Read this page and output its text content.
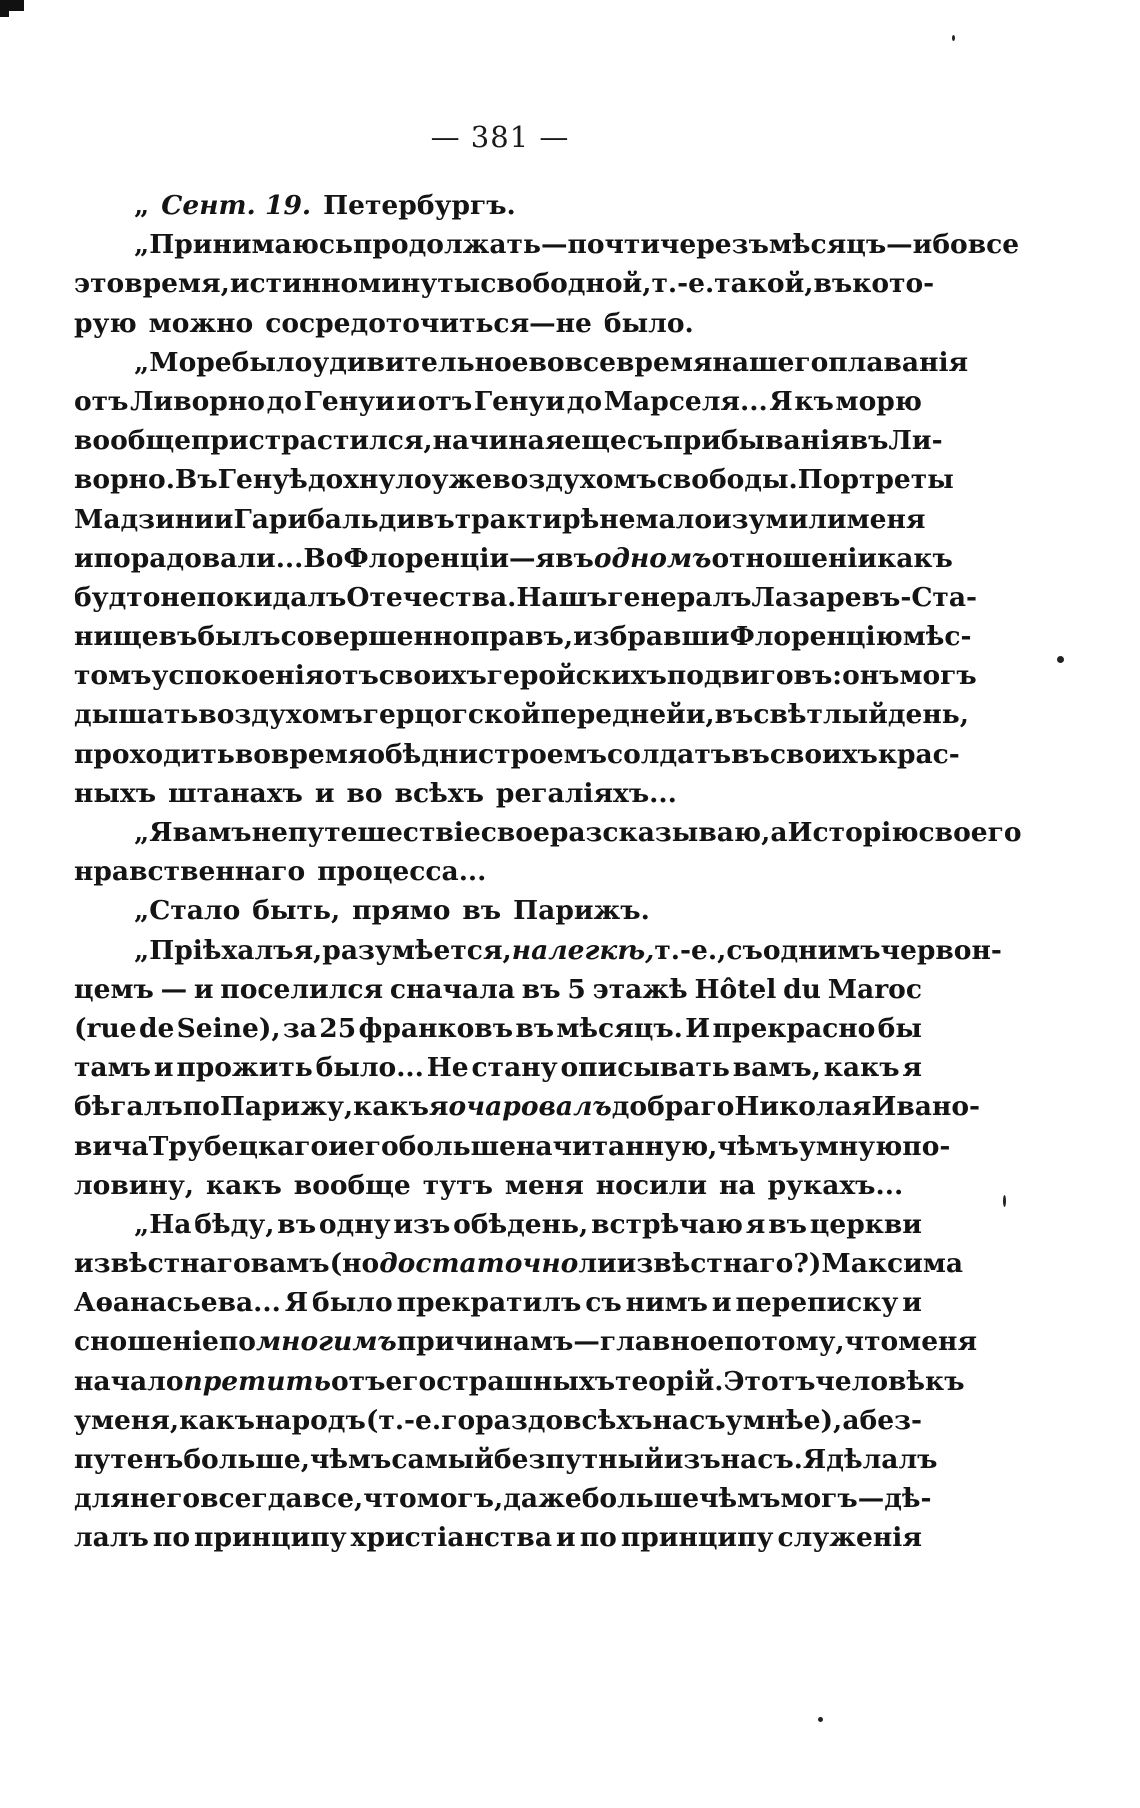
— 381 —
„ Сент. 19. Петербургъ.
„Принимаюсь продолжать —почти черезъ мѣсяцъ—ибо все
это время, истинно минуты свободной, т.-е. такой, въ кото-
рую можно сосредоточиться—не было.
„Море было удивительное во все время нашего плаванія
отъ Ливорно до Генуи и отъ Генуи до Марселя... Я къ морю
вообще пристрастился, начиная еще съ прибыванія въ Ли-
ворно. Въ Генуѣ дохнуло уже воздухомъ свободы. Портреты
Мадзини и Гарибальди въ трактирѣ не мало изумили меня
и порадовали... Во Флоренціи—я въ одномъ отношеніи какъ
будто не покидалъ Отечества. Нашъ генералъ Лазаревъ-Ста-
нищевъ былъ совершенно правъ, избравши Флоренцію мѣс-
томъ успокоенія отъ своихъ геройскихъ подвиговъ: онъ могъ
дышать воздухомъ герцогской передней и, въ свѣтлый день,
проходить во время обѣдни строемъ солдатъ въ своихъ крас-
ныхъ штанахъ и во всѣхъ регаліяхъ...
„Я вамъ не путешествіе свое разсказываю, а Исторію своего
нравственнаго процесса...
„Стало быть, прямо въ Парижъ.
„Пріѣхалъ я, разумѣется, налегкѣ, т.-е., съ однимъ червон-
цемъ — и поселился сначала въ 5 этажѣ Hôtel du Maroc
(rue de Seine), за 25 франковъ въ мѣсяцъ. И прекрасно бы
тамъ и прожить было... Не стану описывать вамъ, какъ я
бѣгалъ по Парижу, какъ я очаровалъ добраго Николая Ивано-
вича Трубецкаго и его больше начитанную, чѣмъ умную по-
ловину, какъ вообще тутъ меня носили на рукахъ...
„На бѣду, въ одну изъ обѣдень, встрѣчаю я въ церкви
извѣстнаго вамъ (но достаточно ли извѣстнаго?) Максима
Аѳанасьева... Я было прекратилъ съ нимъ и переписку и
сношеніе по многимъ причинамъ—главное потому, что меня
начало претить отъ его страшныхъ теорій. Этотъ человѣкъ
у меня, какъ народъ (т.-е. гораздо всѣхъ насъ умнѣе), а без-
путенъ больше, чѣмъ самый безпутный изъ насъ. Я дѣлалъ
для него всегда все, что могъ, даже больше чѣмъ могъ—дѣ-
лалъ по принципу христіанства и по принципу служенія
